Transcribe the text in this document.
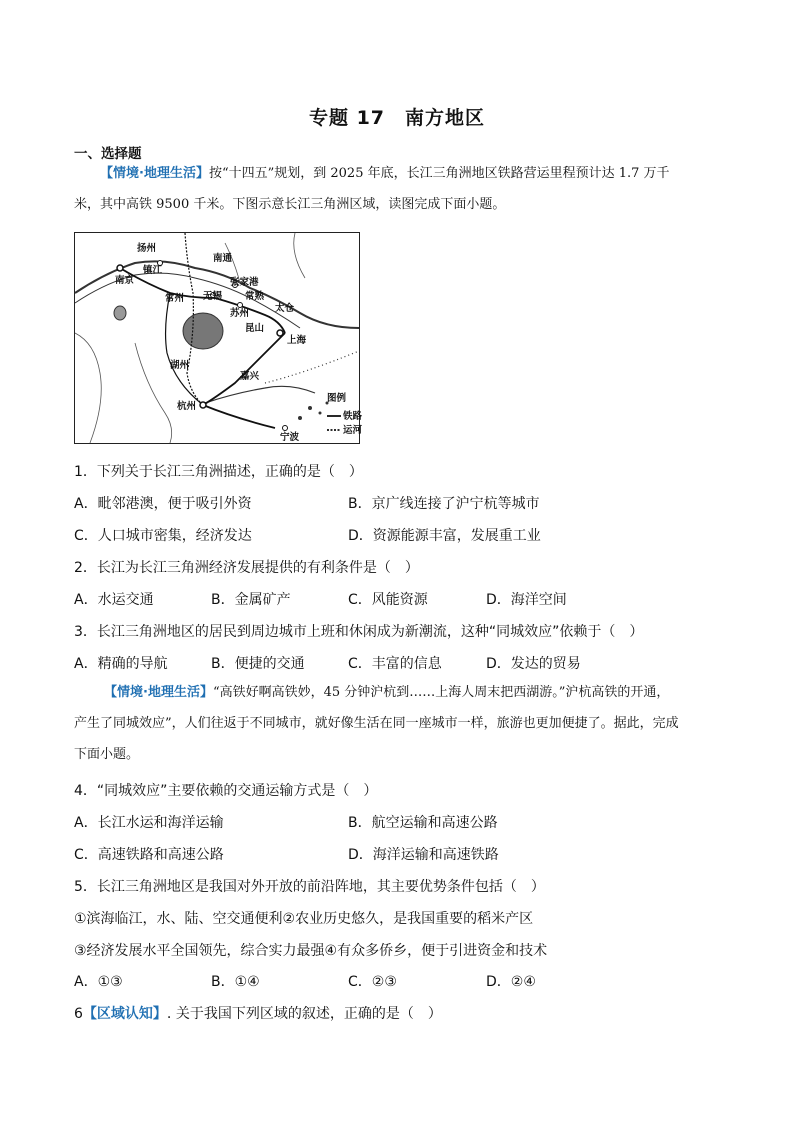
专题 17　南方地区
一、选择题
【情境·地理生活】按“十四五”规划，到 2025 年底，长江三角洲地区铁路营运里程预计达 1.7 万千
米，其中高铁 9500 千米。下图示意长江三角洲区域，读图完成下面小题。
扬州
南通
镇江
南京	张家港
常州 无锡 常熟
太仓
苏州
昆山
上海
湖州
嘉兴
杭州
宁波
图例
铁路
运河
1．下列关于长江三角洲描述，正确的是（　）
A．毗邻港澳，便于吸引外资	B．京广线连接了沪宁杭等城市
C．人口城市密集，经济发达	D．资源能源丰富，发展重工业
2．长江为长江三角洲经济发展提供的有利条件是（　）
A．水运交通	B．金属矿产	C．风能资源	D．海洋空间
3．长江三角洲地区的居民到周边城市上班和休闲成为新潮流，这种“同城效应”依赖于（　）
A．精确的导航	B．便捷的交通	C．丰富的信息	D．发达的贸易
【情境·地理生活】“高铁好啊高铁妙，45 分钟沪杭到……上海人周末把西湖游。”沪杭高铁的开通，
产生了同城效应”，人们往返于不同城市，就好像生活在同一座城市一样，旅游也更加便捷了。据此，完成
下面小题。
4．“同城效应”主要依赖的交通运输方式是（　）
A．长江水运和海洋运输	B．航空运输和高速公路
C．高速铁路和高速公路	D．海洋运输和高速铁路
5．长江三角洲地区是我国对外开放的前沿阵地，其主要优势条件包括（　）
①滨海临江，水、陆、空交通便利②农业历史悠久，是我国重要的稻米产区
③经济发展水平全国领先，综合实力最强④有众多侨乡，便于引进资金和技术
A．①③	B．①④	C．②③	D．②④
6【区域认知】. 关于我国下列区域的叙述，正确的是（　）
